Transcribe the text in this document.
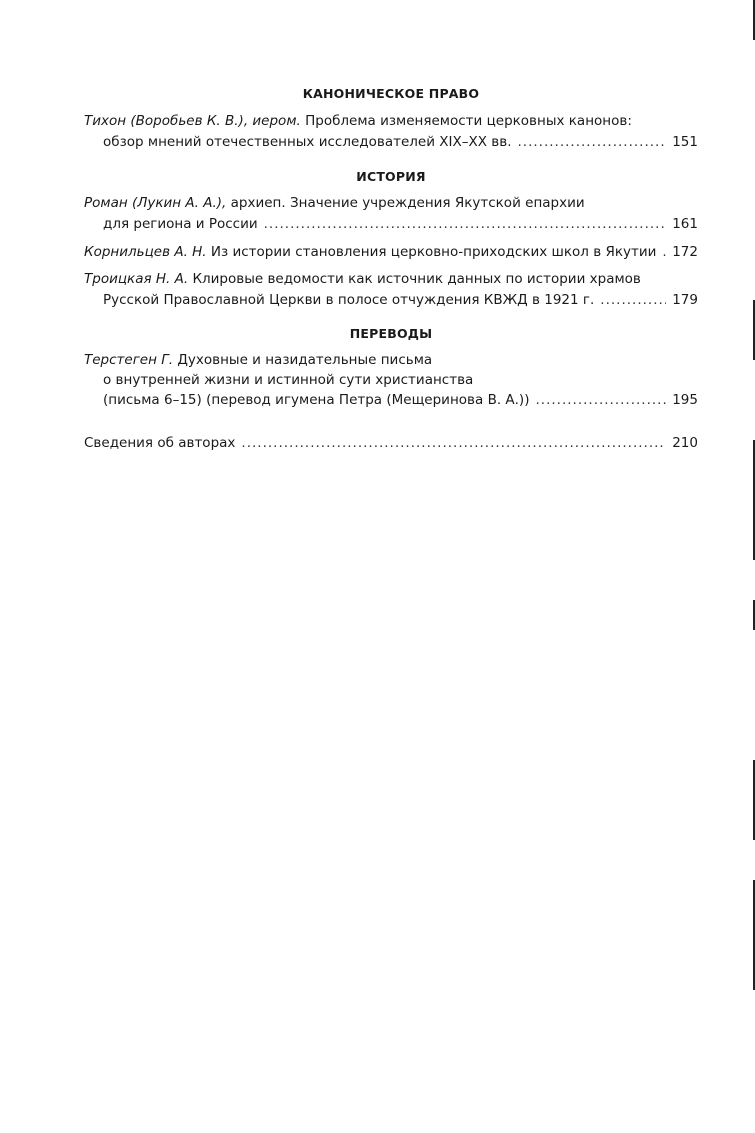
КАНОНИЧЕСКОЕ ПРАВО
Тихон (Воробьев К. В.), иером. Проблема изменяемости церковных канонов:
обзор мнений отечественных исследователей XIX–XX вв. .....	151
ИСТОРИЯ
Роман (Лукин А. А.), архиеп. Значение учреждения Якутской епархии
для региона и России .....	161
Корнильцев А. Н. Из истории становления церковно-приходских школ в Якутии ..... 172
Троицкая Н. А. Клировые ведомости как источник данных по истории храмов
Русской Православной Церкви в полосе отчуждения КВЖД в 1921 г. .....	179
ПЕРЕВОДЫ
Терстеген Г. Духовные и назидательные письма
о внутренней жизни и истинной сути христианства
(письма 6–15) (перевод игумена Петра (Мещеринова В. А.)) .....	195
Сведения об авторах .....	210
